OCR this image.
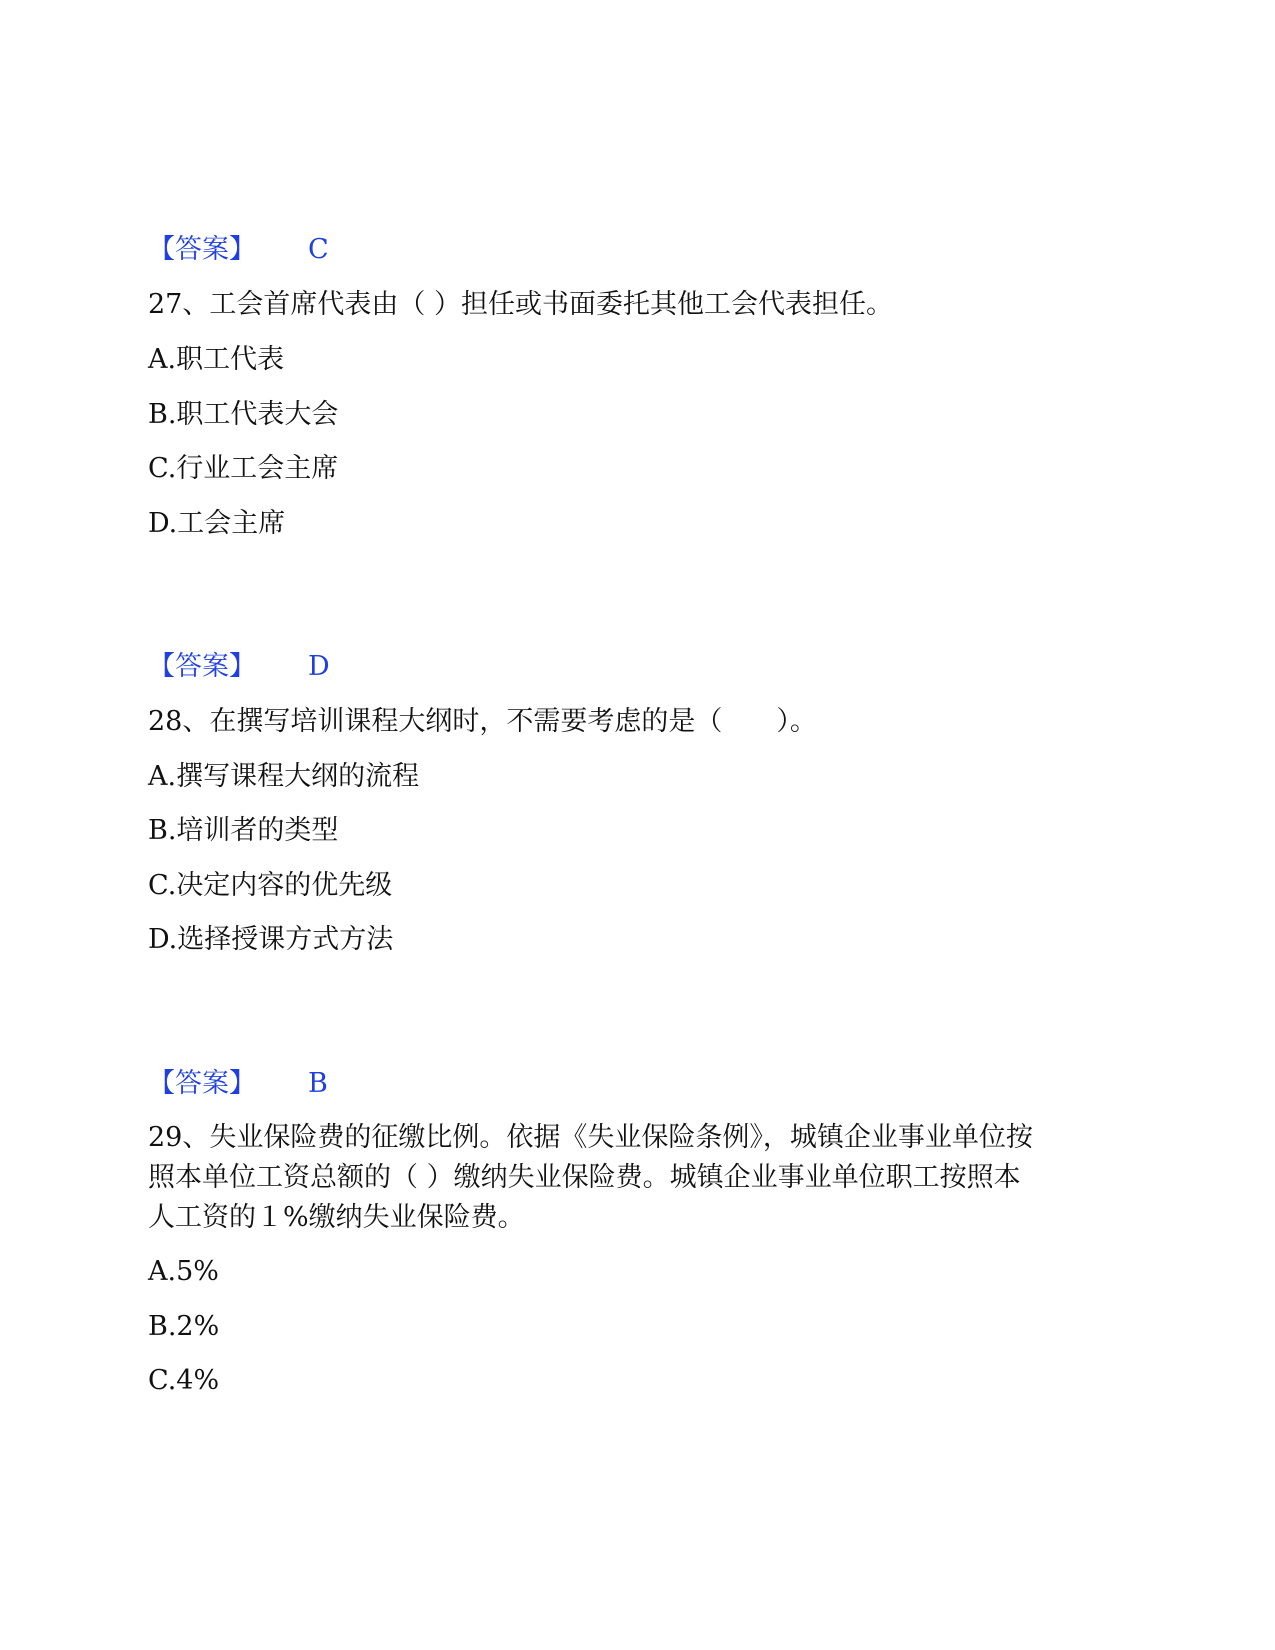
【答案】 C
27、工会首席代表由（ ）担任或书面委托其他工会代表担任。
A.职工代表
B.职工代表大会
C.行业工会主席
D.工会主席
【答案】 D
28、在撰写培训课程大纲时，不需要考虑的是（　　）。
A.撰写课程大纲的流程
B.培训者的类型
C.决定内容的优先级
D.选择授课方式方法
【答案】 B
29、失业保险费的征缴比例。依据《失业保险条例》，城镇企业事业单位按
照本单位工资总额的（ ）缴纳失业保险费。城镇企业事业单位职工按照本
人工资的１%缴纳失业保险费。
A.5%
B.2%
C.4%
